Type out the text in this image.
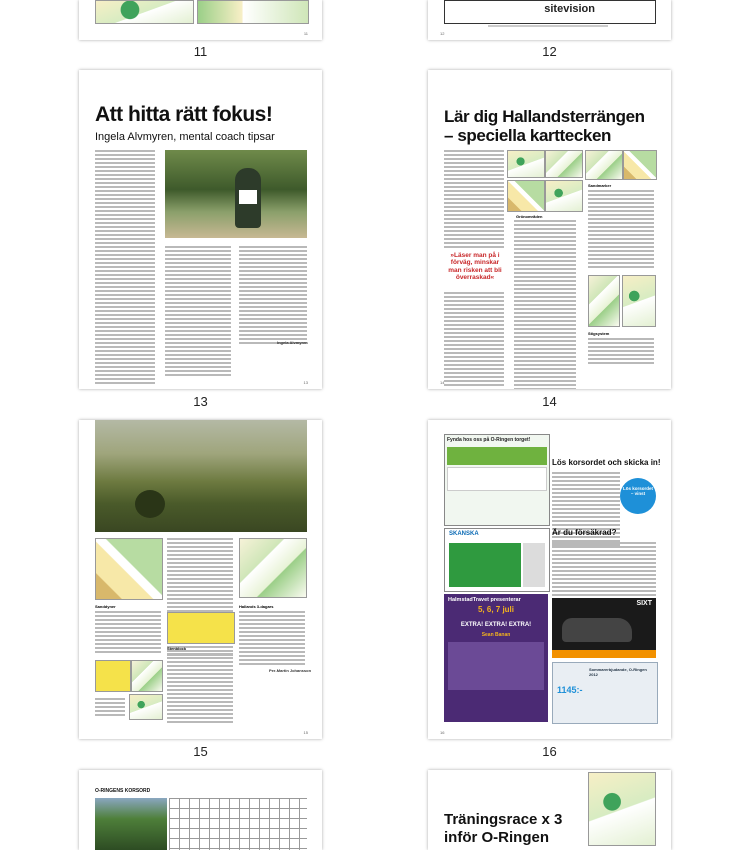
11
11
sitevision
12
12
Att hitta rätt fokus!
Ingela Alvmyren, mental coach tipsar
Ingela Alvmyren
13
13
Lär dig Hallandsterrängen
– speciella karttecken
Grönområden
»Läser man på i förväg, minskar man risken att bli överraskad«
Sandmarker
Stigsystem
14
14
Sanddyner	Hallands 3-dagars
Per-Martin Johansson
Stenblock
15
15
Fynda hos oss på O-Ringen torget!
SKANSKA
HalmstadTravet presenterar
5, 6, 7 juli
EXTRA! EXTRA! EXTRA!
Sean Banan
Lös korsordet och skicka in!
Lös korsordet – vinst
Är du försäkrad?
SIXT
Sommarerbjudande, O-Ringen 2012
1145:-
16
16
O-RINGENS KORSORD
Träningsrace x 3
inför O-Ringen
